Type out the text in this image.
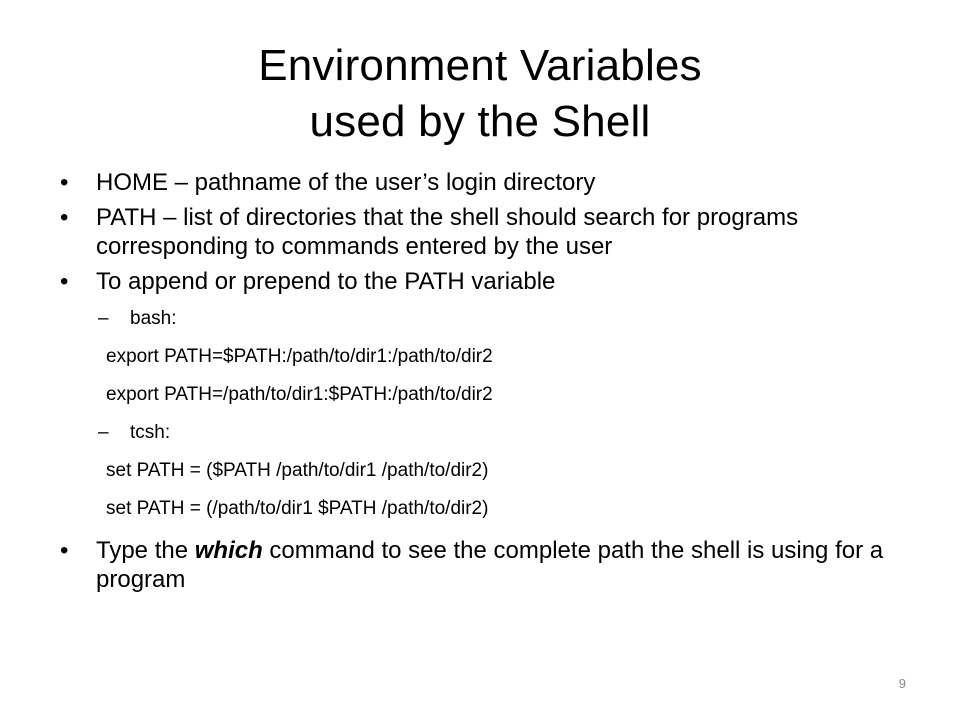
Environment Variables
used by the Shell
• HOME – pathname of the user’s login directory
• PATH – list of directories that the shell should search for programs corresponding to commands entered by the user
• To append or prepend to the PATH variable
– bash:
export PATH=$PATH:/path/to/dir1:/path/to/dir2
export PATH=/path/to/dir1:$PATH:/path/to/dir2
– tcsh:
set PATH = ($PATH /path/to/dir1 /path/to/dir2)
set PATH = (/path/to/dir1 $PATH /path/to/dir2)
• Type the which command to see the complete path the shell is using for a program
9
